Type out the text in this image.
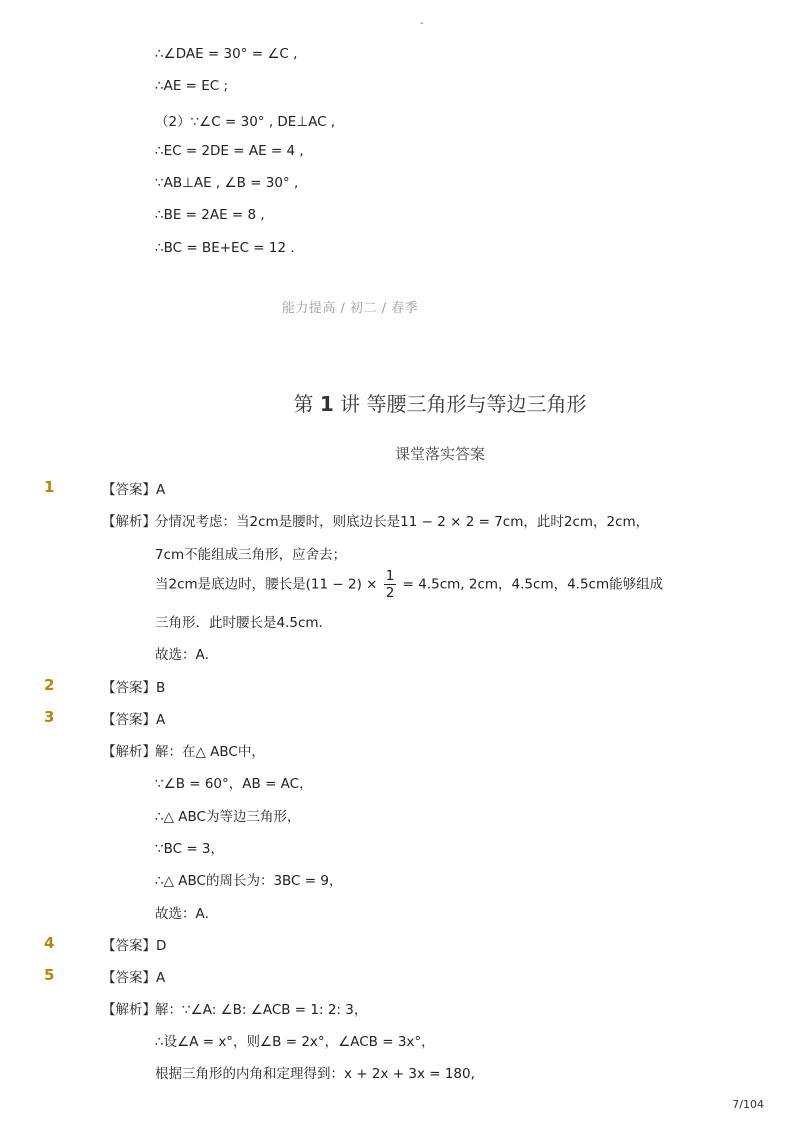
-
∴∠DAE = 30° = ∠C ,
∴AE = EC ;
（2）∵∠C = 30° , DE⊥AC ,
∴EC = 2DE = AE = 4 ,
∵AB⊥AE , ∠B = 30° ,
∴BE = 2AE = 8 ,
∴BC = BE+EC = 12 .
能力提高 / 初二 / 春季
第 1 讲 等腰三角形与等边三角形
课堂落实答案
1	【答案】A
【解析】 分情况考虑：当2cm是腰时，则底边长是11 − 2 × 2 = 7cm，此时2cm，2cm，
7cm不能组成三角形，应舍去；
当2cm是底边时，腰长是$(11 - 2) \times \frac{1}{2} = 4.5cm$, 2cm，4.5cm，4.5cm能够组成
三角形．此时腰长是4.5cm．
故选：A．
2	【答案】B
3	【答案】A
【解析】 解：在△ ABC中，
∵∠B = 60°，AB = AC，
∴△ ABC为等边三角形，
∵BC = 3，
∴△ ABC的周长为：3BC = 9，
故选：A．
4	【答案】D
5	【答案】A
【解析】 解：∵∠A: ∠B: ∠ACB = 1: 2: 3，
∴设∠A = x°，则∠B = 2x°，∠ACB = 3x°，
根据三角形的内角和定理得到：x + 2x + 3x = 180,
7/104
